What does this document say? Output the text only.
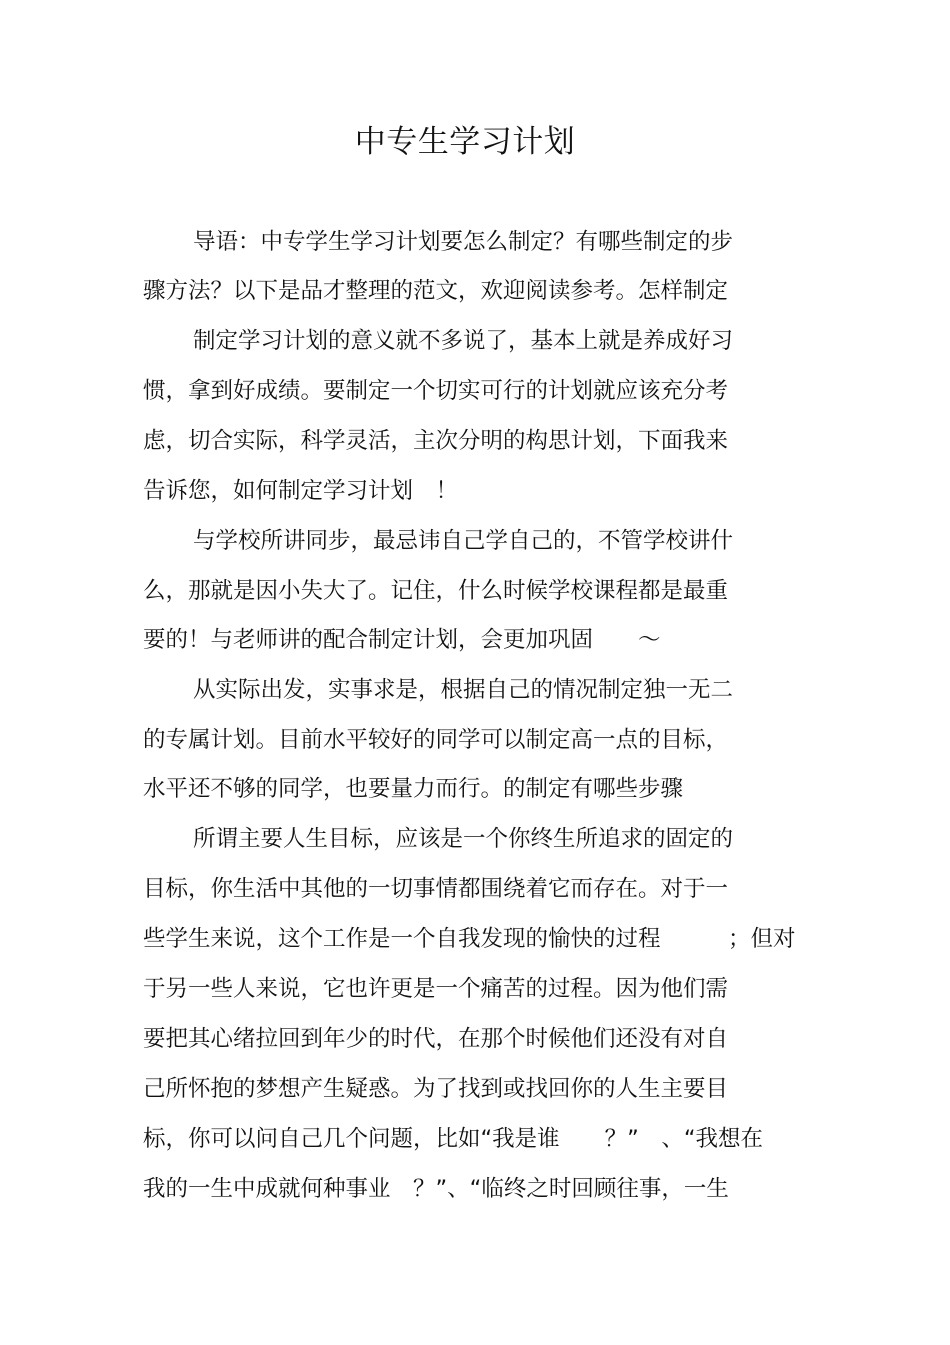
中专生学习计划
导语：中专学生学习计划要怎么制定？有哪些制定的步
骤方法？以下是品才整理的范文，欢迎阅读参考。怎样制定
制定学习计划的意义就不多说了，基本上就是养成好习
惯，拿到好成绩。要制定一个切实可行的计划就应该充分考
虑，切合实际，科学灵活，主次分明的构思计划，下面我来
告诉您，如何制定学习计划　！
与学校所讲同步，最忌讳自己学自己的，不管学校讲什
么，那就是因小失大了。记住，什么时候学校课程都是最重
要的！与老师讲的配合制定计划，会更加巩固　　～
从实际出发，实事求是，根据自己的情况制定独一无二
的专属计划。目前水平较好的同学可以制定高一点的目标，
水平还不够的同学，也要量力而行。的制定有哪些步骤
所谓主要人生目标，应该是一个你终生所追求的固定的
目标，你生活中其他的一切事情都围绕着它而存在。对于一
些学生来说，这个工作是一个自我发现的愉快的过程　　　；但对
于另一些人来说，它也许更是一个痛苦的过程。因为他们需
要把其心绪拉回到年少的时代，在那个时候他们还没有对自
己所怀抱的梦想产生疑惑。为了找到或找回你的人生主要目
标，你可以问自己几个问题，比如“我是谁　　？”　、“我想在
我的一生中成就何种事业　？”、“临终之时回顾往事，一生
